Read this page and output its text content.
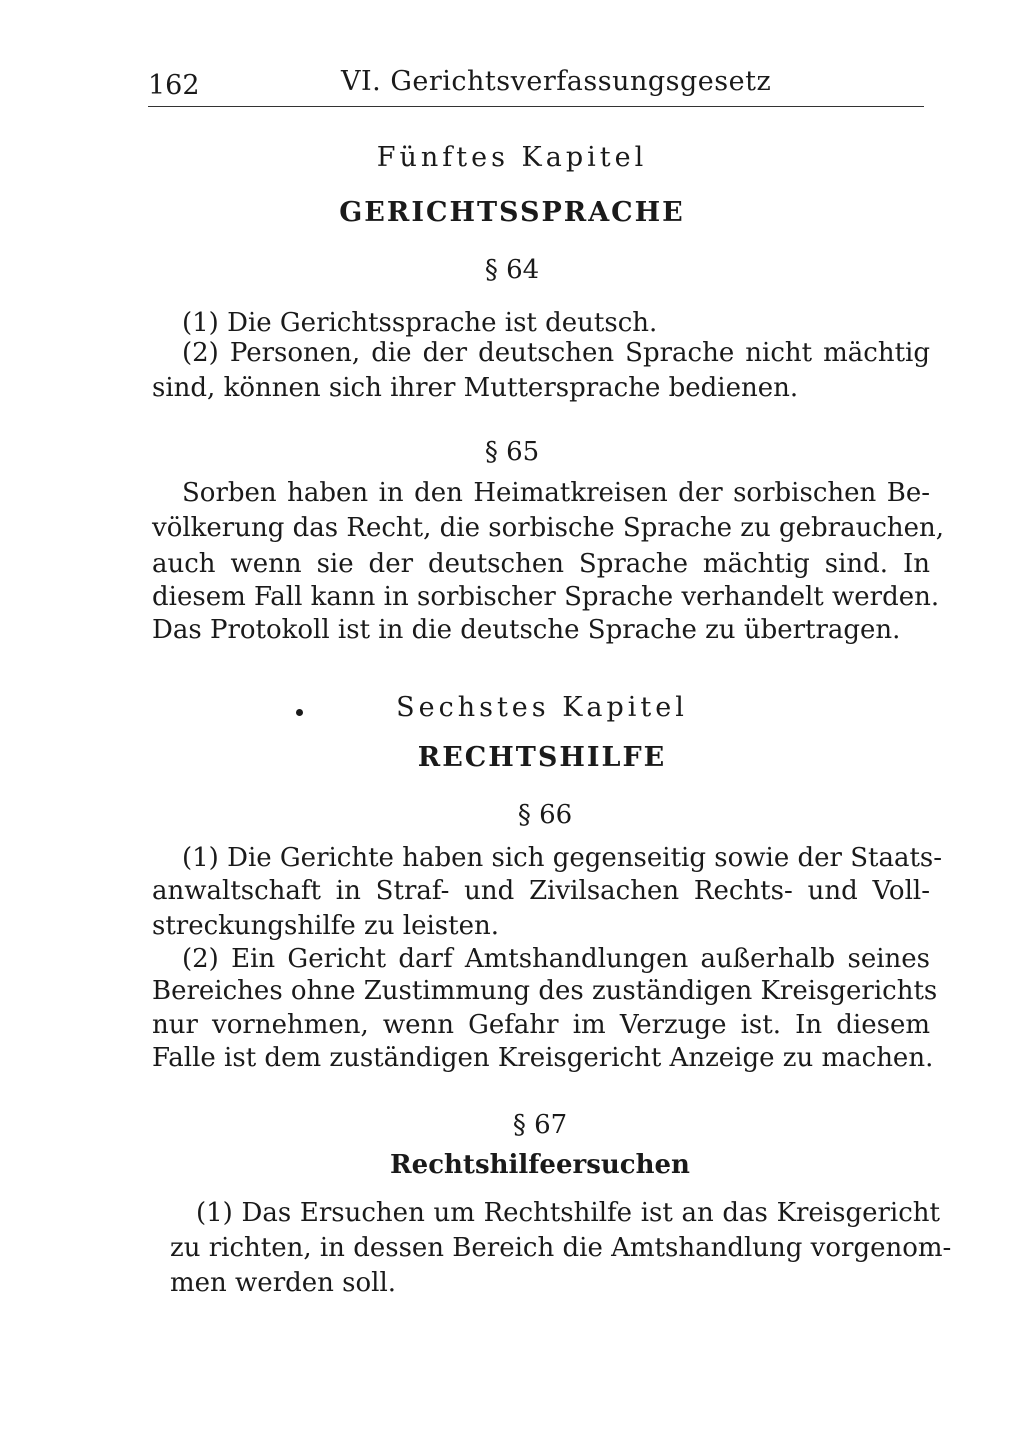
162	VI. Gerichtsverfassungsgesetz
Fünftes Kapitel
GERICHTSSPRACHE
§ 64
(1) Die Gerichtssprache ist deutsch.
(2) Personen, die der deutschen Sprache nicht mächtig
sind, können sich ihrer Muttersprache bedienen.
§ 65
Sorben haben in den Heimatkreisen der sorbischen Be-
völkerung das Recht, die sorbische Sprache zu gebrauchen,
auch wenn sie der deutschen Sprache mächtig sind. In
diesem Fall kann in sorbischer Sprache verhandelt werden.
Das Protokoll ist in die deutsche Sprache zu übertragen.
Sechstes Kapitel
RECHTSHILFE
§ 66
(1) Die Gerichte haben sich gegenseitig sowie der Staats-
anwaltschaft in Straf- und Zivilsachen Rechts- und Voll-
streckungshilfe zu leisten.
(2) Ein Gericht darf Amtshandlungen außerhalb seines
Bereiches ohne Zustimmung des zuständigen Kreisgerichts
nur vornehmen, wenn Gefahr im Verzuge ist. In diesem
Falle ist dem zuständigen Kreisgericht Anzeige zu machen.
§ 67
Rechtshilfeersuchen
(1) Das Ersuchen um Rechtshilfe ist an das Kreisgericht
zu richten, in dessen Bereich die Amtshandlung vorgenom-
men werden soll.
